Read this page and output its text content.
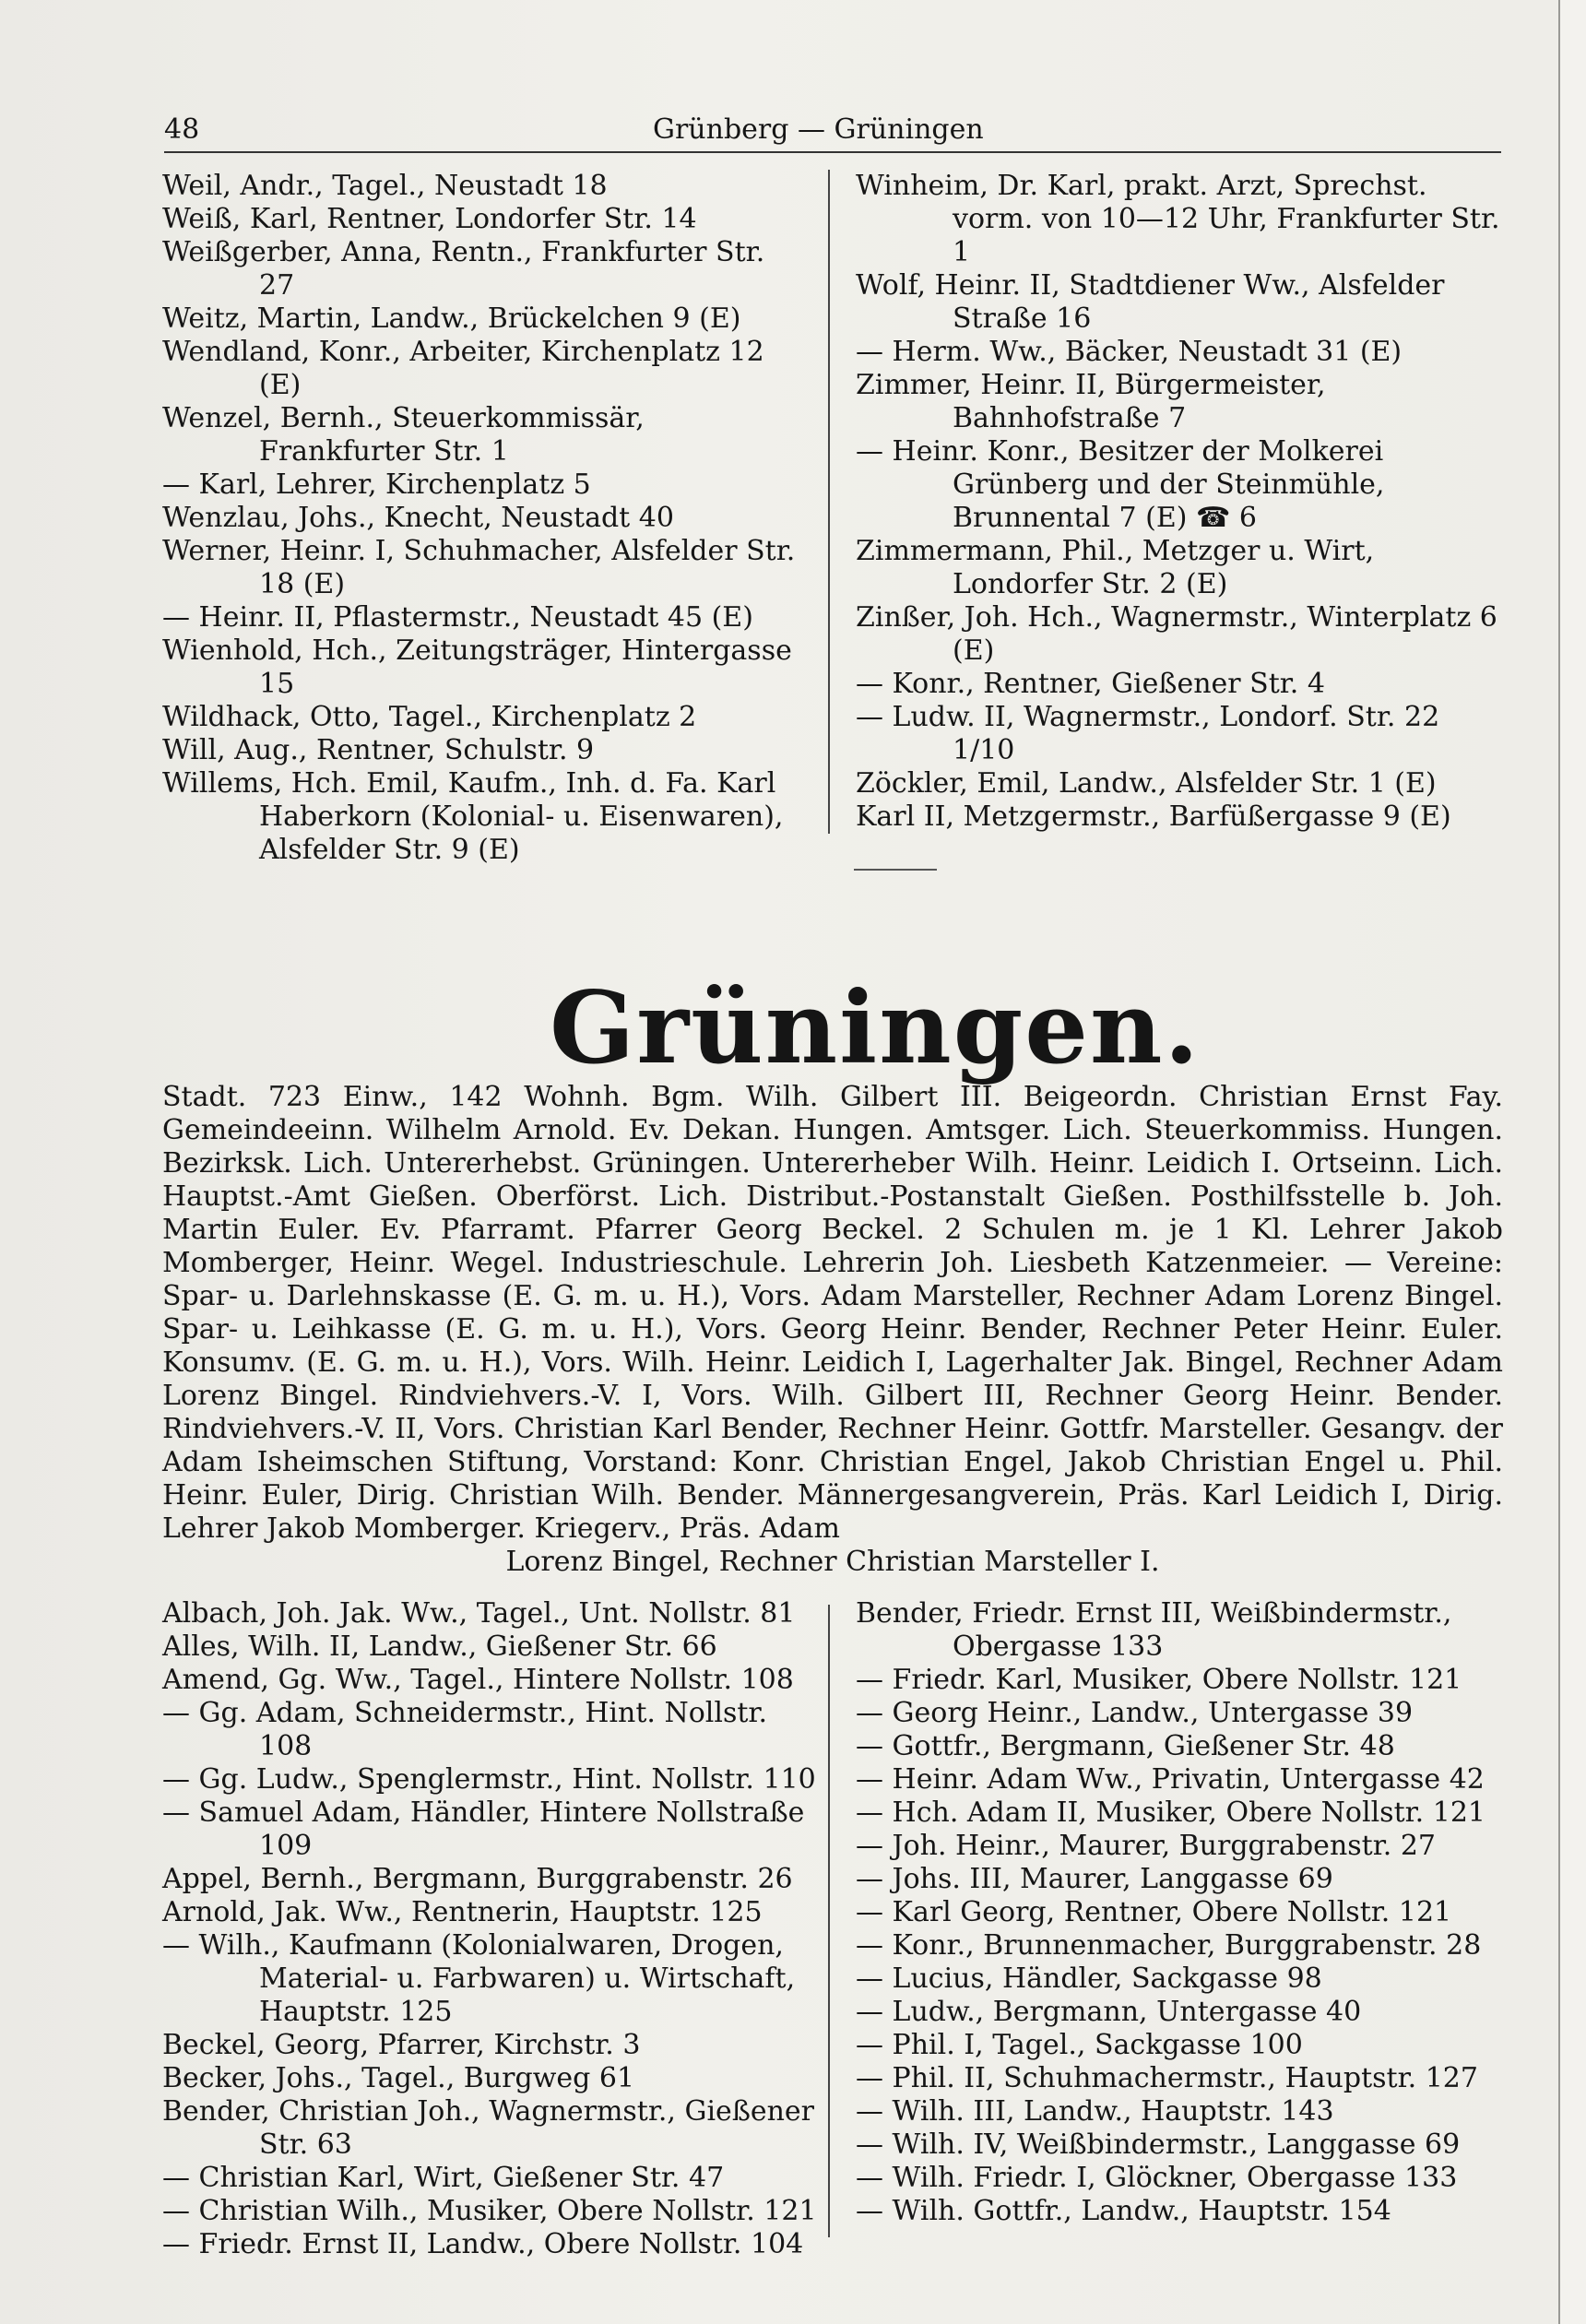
48	Grünberg — Grüningen
Weil, Andr., Tagel., Neustadt 18
Weiß, Karl, Rentner, Londorfer Str. 14
Weißgerber, Anna, Rentn., Frankfurter Str. 27
Weitz, Martin, Landw., Brückelchen 9 (E)
Wendland, Konr., Arbeiter, Kirchenplatz 12 (E)
Wenzel, Bernh., Steuerkommissär, Frankfurter Str. 1
— Karl, Lehrer, Kirchenplatz 5
Wenzlau, Johs., Knecht, Neustadt 40
Werner, Heinr. I, Schuhmacher, Alsfelder Str. 18 (E)
— Heinr. II, Pflastermstr., Neustadt 45 (E)
Wienhold, Hch., Zeitungsträger, Hintergasse 15
Wildhack, Otto, Tagel., Kirchenplatz 2
Will, Aug., Rentner, Schulstr. 9
Willems, Hch. Emil, Kaufm., Inh. d. Fa. Karl Haberkorn (Kolonial- u. Eisenwaren), Alsfelder Str. 9 (E)
Winheim, Dr. Karl, prakt. Arzt, Sprechst. vorm. von 10—12 Uhr, Frankfurter Str. 1
Wolf, Heinr. II, Stadtdiener Ww., Alsfelder Straße 16
— Herm. Ww., Bäcker, Neustadt 31 (E)
Zimmer, Heinr. II, Bürgermeister, Bahnhofstraße 7
— Heinr. Konr., Besitzer der Molkerei Grünberg und der Steinmühle, Brunnental 7 (E) ☎ 6
Zimmermann, Phil., Metzger u. Wirt, Londorfer Str. 2 (E)
Zinßer, Joh. Hch., Wagnermstr., Winterplatz 6 (E)
— Konr., Rentner, Gießener Str. 4
— Ludw. II, Wagnermstr., Londorf. Str. 22 1/10
Zöckler, Emil, Landw., Alsfelder Str. 1 (E)
Karl II, Metzgermstr., Barfüßergasse 9 (E)
Grüningen.
Stadt. 723 Einw., 142 Wohnh. Bgm. Wilh. Gilbert III. Beigeordn. Christian Ernst Fay. Gemeindeeinn. Wilhelm Arnold. Ev. Dekan. Hungen. Amtsger. Lich. Steuerkommiss. Hungen. Bezirksk. Lich. Untererhebst. Grüningen. Untererheber Wilh. Heinr. Leidich I. Ortseinn. Lich. Hauptst.-Amt Gießen. Oberförst. Lich. Distribut.-Postanstalt Gießen. Posthilfsstelle b. Joh. Martin Euler. Ev. Pfarramt. Pfarrer Georg Beckel. 2 Schulen m. je 1 Kl. Lehrer Jakob Momberger, Heinr. Wegel. Industrieschule. Lehrerin Joh. Liesbeth Katzenmeier. — Vereine: Spar- u. Darlehnskasse (E. G. m. u. H.), Vors. Adam Marsteller, Rechner Adam Lorenz Bingel. Spar- u. Leihkasse (E. G. m. u. H.), Vors. Georg Heinr. Bender, Rechner Peter Heinr. Euler. Konsumv. (E. G. m. u. H.), Vors. Wilh. Heinr. Leidich I, Lagerhalter Jak. Bingel, Rechner Adam Lorenz Bingel. Rindviehvers.-V. I, Vors. Wilh. Gilbert III, Rechner Georg Heinr. Bender. Rindviehvers.-V. II, Vors. Christian Karl Bender, Rechner Heinr. Gottfr. Marsteller. Gesangv. der Adam Isheimschen Stiftung, Vorstand: Konr. Christian Engel, Jakob Christian Engel u. Phil. Heinr. Euler, Dirig. Christian Wilh. Bender. Männergesangverein, Präs. Karl Leidich I, Dirig. Lehrer Jakob Momberger. Kriegerv., Präs. Adam
Lorenz Bingel, Rechner Christian Marsteller I.
Albach, Joh. Jak. Ww., Tagel., Unt. Nollstr. 81
Alles, Wilh. II, Landw., Gießener Str. 66
Amend, Gg. Ww., Tagel., Hintere Nollstr. 108
— Gg. Adam, Schneidermstr., Hint. Nollstr. 108
— Gg. Ludw., Spenglermstr., Hint. Nollstr. 110
— Samuel Adam, Händler, Hintere Nollstraße 109
Appel, Bernh., Bergmann, Burggrabenstr. 26
Arnold, Jak. Ww., Rentnerin, Hauptstr. 125
— Wilh., Kaufmann (Kolonialwaren, Drogen, Material- u. Farbwaren) u. Wirtschaft, Hauptstr. 125
Beckel, Georg, Pfarrer, Kirchstr. 3
Becker, Johs., Tagel., Burgweg 61
Bender, Christian Joh., Wagnermstr., Gießener Str. 63
— Christian Karl, Wirt, Gießener Str. 47
— Christian Wilh., Musiker, Obere Nollstr. 121
— Friedr. Ernst II, Landw., Obere Nollstr. 104
Bender, Friedr. Ernst III, Weißbindermstr., Obergasse 133
— Friedr. Karl, Musiker, Obere Nollstr. 121
— Georg Heinr., Landw., Untergasse 39
— Gottfr., Bergmann, Gießener Str. 48
— Heinr. Adam Ww., Privatin, Untergasse 42
— Hch. Adam II, Musiker, Obere Nollstr. 121
— Joh. Heinr., Maurer, Burggrabenstr. 27
— Johs. III, Maurer, Langgasse 69
— Karl Georg, Rentner, Obere Nollstr. 121
— Konr., Brunnenmacher, Burggrabenstr. 28
— Lucius, Händler, Sackgasse 98
— Ludw., Bergmann, Untergasse 40
— Phil. I, Tagel., Sackgasse 100
— Phil. II, Schuhmachermstr., Hauptstr. 127
— Wilh. III, Landw., Hauptstr. 143
— Wilh. IV, Weißbindermstr., Langgasse 69
— Wilh. Friedr. I, Glöckner, Obergasse 133
— Wilh. Gottfr., Landw., Hauptstr. 154
